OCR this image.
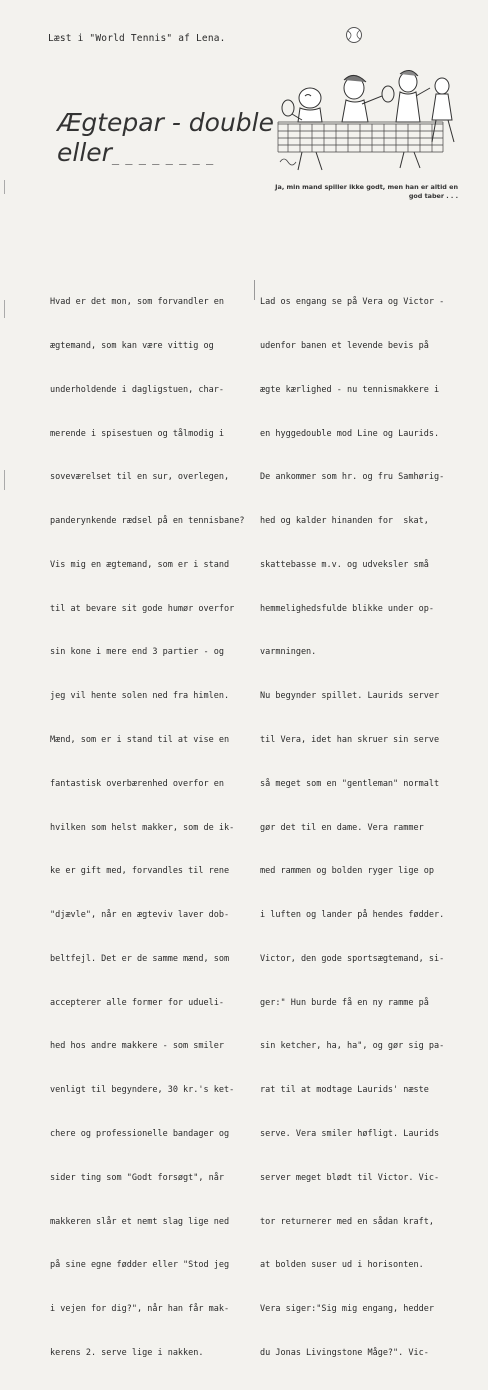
Læst i "World Tennis" af Lena.
Ægtepar - double
eller_ _ _ _ _ _ _ _
Ja, min mand spiller ikke godt, men han er altid en god taber . . .

Hvad er det mon, som forvandler en

ægtemand, som kan være vittig og

underholdende i dagligstuen, char-

merende i spisestuen og tålmodig i

soveværelset til en sur, overlegen,

panderynkende rædsel på en tennisbane?

Vis mig en ægtemand, som er i stand

til at bevare sit gode humør overfor

sin kone i mere end 3 partier - og

jeg vil hente solen ned fra himlen.

Mænd, som er i stand til at vise en

fantastisk overbærenhed overfor en

hvilken som helst makker, som de ik-

ke er gift med, forvandles til rene

"djævle", når en ægteviv laver dob-

beltfejl. Det er de samme mænd, som

accepterer alle former for udueli-

hed hos andre makkere - som smiler

venligt til begyndere, 30 kr.'s ket-

chere og professionelle bandager og

sider ting som "Godt forsøgt", når

makkeren slår et nemt slag lige ned

på sine egne fødder eller "Stod jeg

i vejen for dig?", når han får mak-

kerens 2. serve lige i nakken.

Lad os engang se på Vera og Victor -

udenfor banen et levende bevis på

ægte kærlighed - nu tennismakkere i

en hyggedouble mod Line og Laurids.

De ankommer som hr. og fru Samhørig-

hed og kalder hinanden for  skat,

skattebasse m.v. og udveksler små

hemmelighedsfulde blikke under op-

varmningen.

Nu begynder spillet. Laurids server

til Vera, idet han skruer sin serve

så meget som en "gentleman" normalt

gør det til en dame. Vera rammer

med rammen og bolden ryger lige op

i luften og lander på hendes fødder.

Victor, den gode sportsægtemand, si-

ger:" Hun burde få en ny ramme på

sin ketcher, ha, ha", og gør sig pa-

rat til at modtage Laurids' næste

serve. Vera smiler høfligt. Laurids

server meget blødt til Victor. Vic-

tor returnerer med en sådan kraft,

at bolden suser ud i horisonten.

Vera siger:"Sig mig engang, hedder

du Jonas Livingstone Måge?". Vic-
